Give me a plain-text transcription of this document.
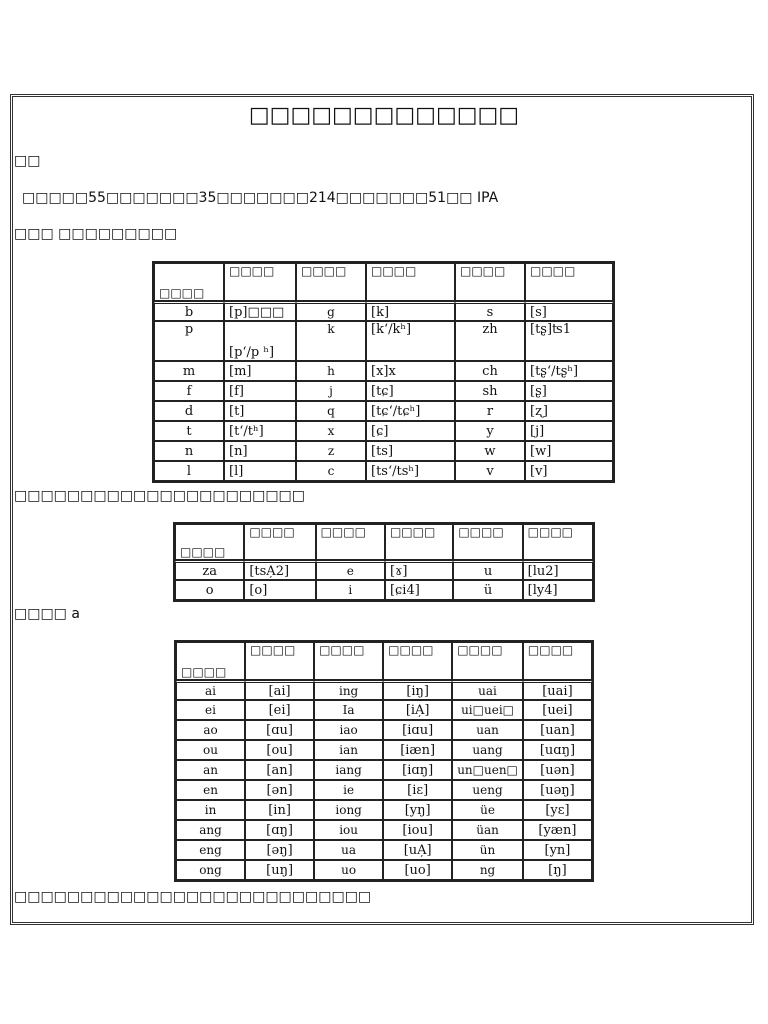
□□□□□□□□□□□□□
□□
□□□□□55□□□□□□□35□□□□□□□214□□□□□□□51□□ IPA
□□□ □□□□□□□□□
□□□□	□□□□	□□□□	□□□□	□□□□	□□□□
b	[p]□□□	g	[k]	s	[s]
p	[pʻ/p ʰ]	k	[kʻ/kʰ]	zh	[tʂ]ʦ1
m	[m]	h	[x]x	ch	[tʂʻ/tʂʰ]
f	[f]	j	[tɕ]	sh	[ʂ]
d	[t]	q	[tɕʻ/tɕʰ]	r	[ʐ]
t	[tʻ/tʰ]	x	[ɕ]	y	[j]
n	[n]	z	[ts]	w	[w]
l	[l]	c	[tsʻ/tsʰ]	v	[v]
□□□□□□□□□□□□□□□□□□□□□□
□□□□	□□□□	□□□□	□□□□	□□□□	□□□□
za	[tsA̦2]	e	[ɤ]	u	[lu2]
o	[o]	i	[ɕi4]	ü	[ly4]
□□□□ a
□□□□	□□□□	□□□□	□□□□	□□□□	□□□□
ai	[ai]	ing	[iŋ]	uai	[uai]
ei	[ei]	Ia	[iA̦]	ui□uei□	[uei]
ao	[ɑu]	iao	[iɑu]	uan	[uan]
ou	[ou]	ian	[iæn]	uang	[uɑŋ]
an	[an]	iang	[iɑŋ]	un□uen□	[uən]
en	[ən]	ie	[iɛ]	ueng	[uəŋ]
in	[in]	iong	[yŋ]	üe	[yɛ]
ang	[ɑŋ]	iou	[iou]	üan	[yæn]
eng	[əŋ]	ua	[uA̦]	ün	[yn]
ong	[uŋ]	uo	[uo]	ng	[ŋ]
□□□□□□□□□□□□□□□□□□□□□□□□□□□
